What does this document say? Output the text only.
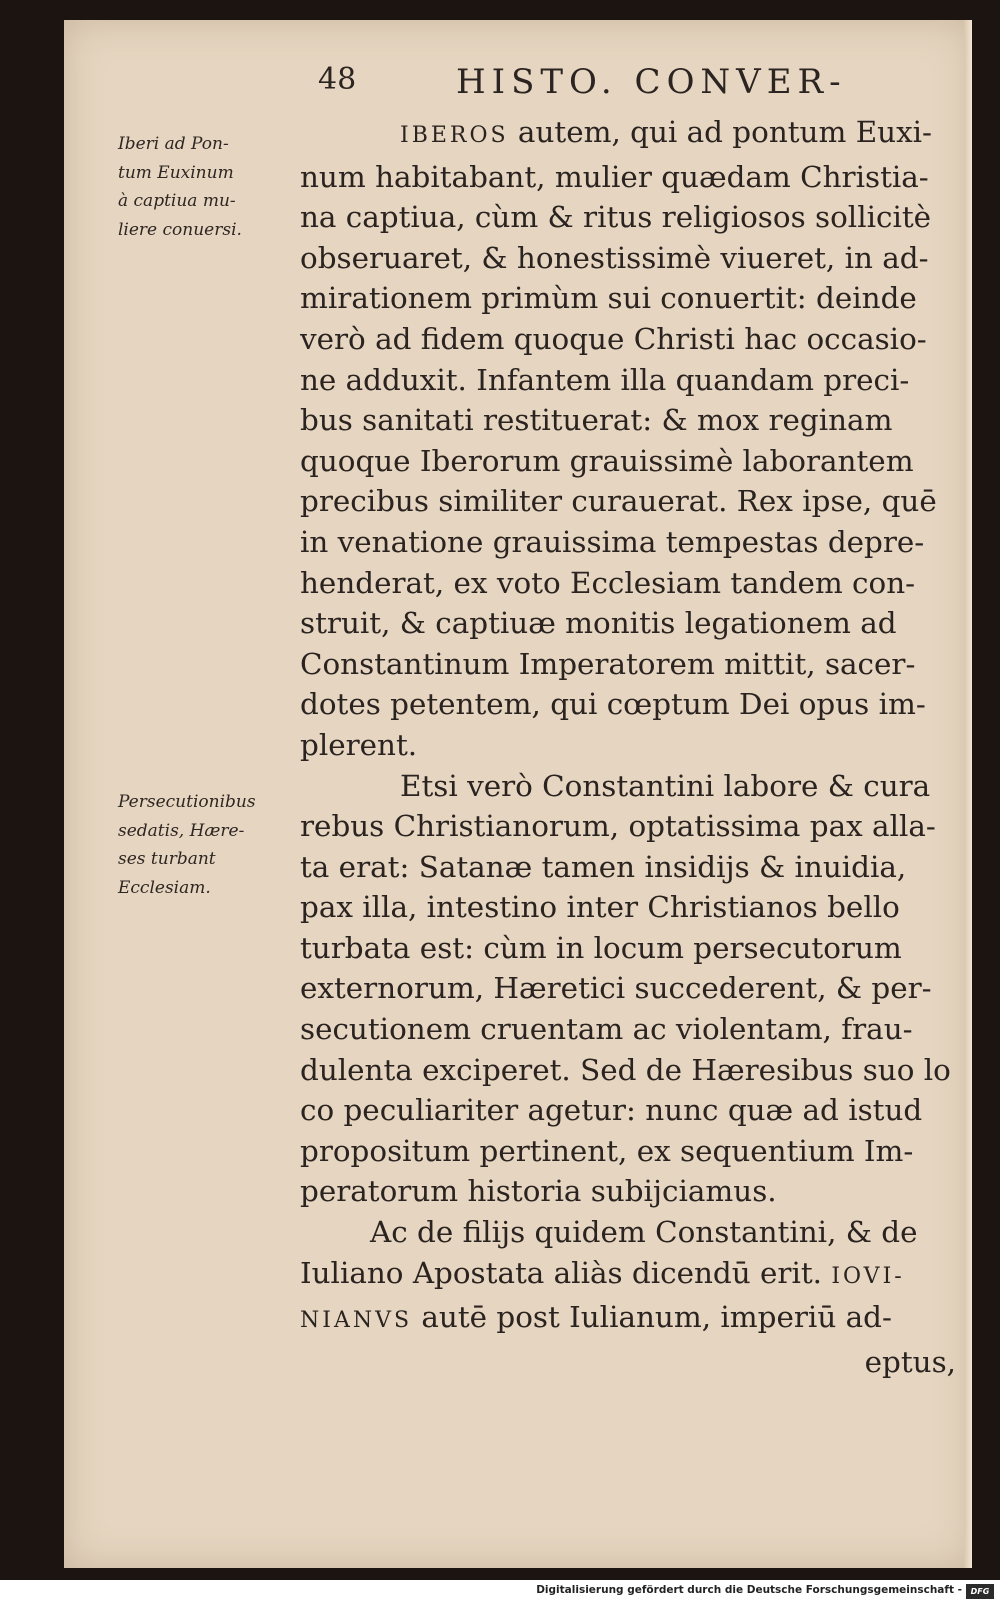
48	HISTO. CONVER-
Iberi ad Pon-
tum Euxinum
à captiua mu-
liere conuersi.
Persecutionibus
sedatis, Hære-
ses turbant
Ecclesiam.
IBEROS autem, qui ad pontum Euxi-
num habitabant, mulier quædam Christia-
na captiua, cùm & ritus religiosos sollicitè
obseruaret, & honestissimè viueret, in ad-
mirationem primùm sui conuertit: deinde
verò ad fidem quoque Christi hac occasio-
ne adduxit. Infantem illa quandam preci-
bus sanitati restituerat: & mox reginam
quoque Iberorum grauissimè laborantem
precibus similiter curauerat. Rex ipse, quē
in venatione grauissima tempestas depre-
henderat, ex voto Ecclesiam tandem con-
struit, & captiuæ monitis legationem ad
Constantinum Imperatorem mittit, sacer-
dotes petentem, qui cœptum Dei opus im-
plerent.
Etsi verò Constantini labore & cura
rebus Christianorum, optatissima pax alla-
ta erat: Satanæ tamen insidijs & inuidia,
pax illa, intestino inter Christianos bello
turbata est: cùm in locum persecutorum
externorum, Hæretici succederent, & per-
secutionem cruentam ac violentam, frau-
dulenta exciperet. Sed de Hæresibus suo lo
co peculiariter agetur: nunc quæ ad istud
propositum pertinent, ex sequentium Im-
peratorum historia subijciamus.
Ac de filijs quidem Constantini, & de
Iuliano Apostata aliàs dicendū erit. IOVI-
NIANVS autē post Iulianum, imperiū ad-
eptus,
Digitalisierung gefördert durch die Deutsche Forschungsgemeinschaft -	DFG
